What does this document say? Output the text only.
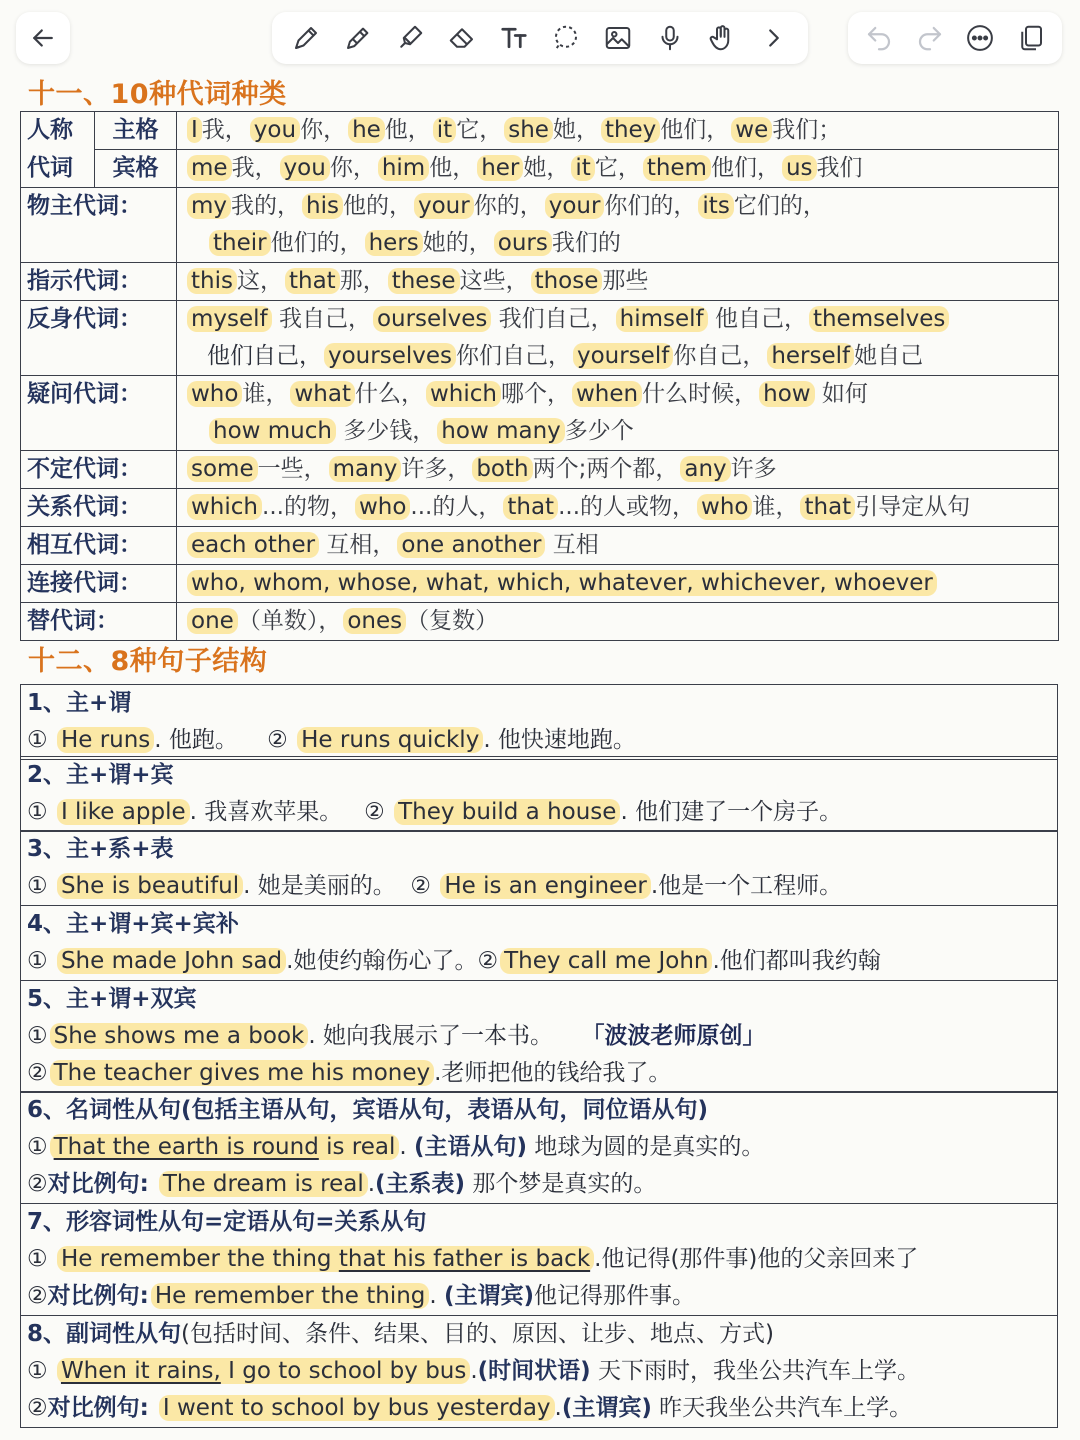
十一、10种代词种类
人称	主格	I 我， you 你， he 他， it 它， she 她， they 他们， we 我们；
代词	宾格	me 我， you 你， him 他， her 她， it 它， them 他们， us 我们
物主代词：		my 我的， his 他的， your 你的， your 你们的， its 它们的，
their 他们的， hers 她的， ours 我们的

指示代词：		this 这， that 那， these 这些， those 那些
反身代词：		myself 我自己， ourselves 我们自己， himself 他自己， themselves
他们自己， yourselves 你们自己， yourself 你自己， herself 她自己

疑问代词：		who 谁， what 什么， which 哪个， when 什么时候， how 如何
how much 多少钱， how many 多少个

不定代词：		some 一些， many 许多， both 两个;两个都， any 许多
关系代词：		which ...的物， who ...的人， that ...的人或物， who 谁， that 引导定从句
相互代词：		each other 互相， one another 互相
连接代词：		who, whom, whose, what, which, whatever, whichever, whoever
替代词：		one （单数）， ones （复数）
十二、8种句子结构
1、主+谓
① He runs . 他跑。 ② He runs quickly . 他快速地跑。
2、主+谓+宾
① I like apple . 我喜欢苹果。 ② They build a house . 他们建了一个房子。
3、主+系+表
① She is beautiful . 她是美丽的。 ② He is an engineer .他是一个工程师。
4、主+谓+宾+宾补
① She made John sad .她使约翰伤心了。② They call me John .他们都叫我约翰
5、主+谓+双宾
① She shows me a book . 她向我展示了一本书。 「波波老师原创」
② The teacher gives me his money .老师把他的钱给我了。
6、名词性从句(包括主语从句，宾语从句，表语从句，同位语从句)
① That the earth is round is real . (主语从句) 地球为圆的是真实的。
②对比例句: The dream is real .(主系表) 那个梦是真实的。
7、形容词性从句=定语从句=关系从句
① He remember the thing that his father is back .他记得(那件事)他的父亲回来了
②对比例句: He remember the thing . (主谓宾)他记得那件事。
8、副词性从句(包括时间、条件、结果、目的、原因、让步、地点、方式)
① When it rains, I go to school by bus .(时间状语) 天下雨时，我坐公共汽车上学。
②对比例句: I went to school by bus yesterday .(主谓宾) 昨天我坐公共汽车上学。
